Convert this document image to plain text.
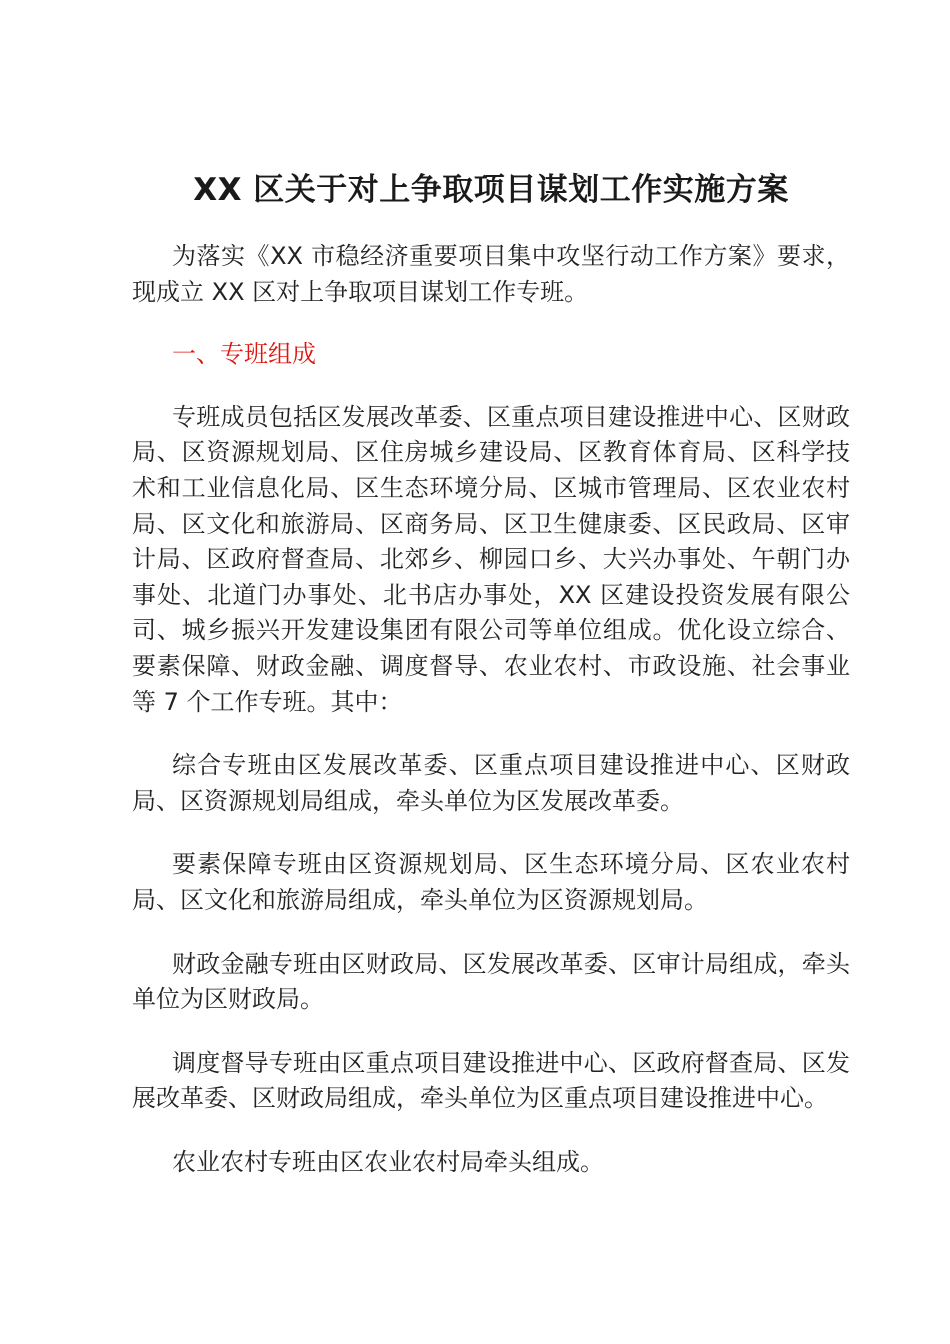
XX 区关于对上争取项目谋划工作实施方案

为落实《XX 市稳经济重要项目集中攻坚行动工作方案》要求，现成立 XX 区对上争取项目谋划工作专班。

一、专班组成

专班成员包括区发展改革委、区重点项目建设推进中心、区财政局、区资源规划局、区住房城乡建设局、区教育体育局、区科学技术和工业信息化局、区生态环境分局、区城市管理局、区农业农村局、区文化和旅游局、区商务局、区卫生健康委、区民政局、区审计局、区政府督查局、北郊乡、柳园口乡、大兴办事处、午朝门办事处、北道门办事处、北书店办事处，XX 区建设投资发展有限公司、城乡振兴开发建设集团有限公司等单位组成。优化设立综合、要素保障、财政金融、调度督导、农业农村、市政设施、社会事业等 7 个工作专班。其中：

综合专班由区发展改革委、区重点项目建设推进中心、区财政局、区资源规划局组成，牵头单位为区发展改革委。

要素保障专班由区资源规划局、区生态环境分局、区农业农村局、区文化和旅游局组成，牵头单位为区资源规划局。

财政金融专班由区财政局、区发展改革委、区审计局组成，牵头单位为区财政局。

调度督导专班由区重点项目建设推进中心、区政府督查局、区发展改革委、区财政局组成，牵头单位为区重点项目建设推进中心。

农业农村专班由区农业农村局牵头组成。
